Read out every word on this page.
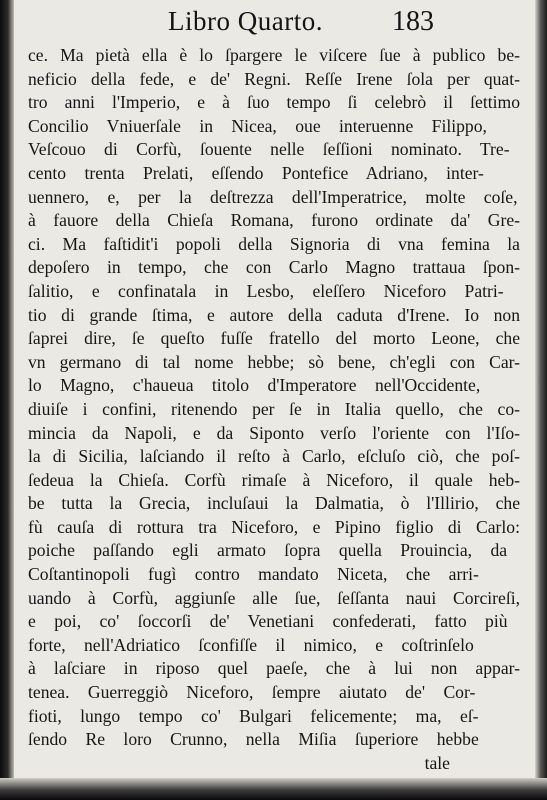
Libro Quarto. 183
ce. Ma pietà ella è lo ſpargere le viſcere ſue à publico be-
neficio della fede, e de' Regni. Reſſe Irene ſola per quat-
tro anni l'Imperio, e à ſuo tempo ſi celebrò il ſettimo
Concilio Vniuerſale in Nicea, oue interuenne Filippo,
Veſcouo di Corfù, ſouente nelle ſeſſioni nominato. Tre-
cento trenta Prelati, eſſendo Pontefice Adriano, inter-
uennero, e, per la deſtrezza dell'Imperatrice, molte coſe,
à fauore della Chieſa Romana, furono ordinate da' Gre-
ci. Ma faſtidit'i popoli della Signoria di vna femina la
depoſero in tempo, che con Carlo Magno trattaua ſpon-
ſalitio, e confinatala in Lesbo, eleſſero Niceforo Patri-
tio di grande ſtima, e autore della caduta d'Irene. Io non
ſaprei dire, ſe queſto fuſſe fratello del morto Leone, che
vn germano di tal nome hebbe; sò bene, ch'egli con Car-
lo Magno, c'haueua titolo d'Imperatore nell'Occidente,
diuiſe i confini, ritenendo per ſe in Italia quello, che co-
mincia da Napoli, e da Siponto verſo l'oriente con l'Iſo-
la di Sicilia, laſciando il reſto à Carlo, eſcluſo ciò, che poſ-
ſedeua la Chieſa. Corfù rimaſe à Niceforo, il quale heb-
be tutta la Grecia, incluſaui la Dalmatia, ò l'Illirio, che
fù cauſa di rottura tra Niceforo, e Pipino figlio di Carlo:
poiche paſſando egli armato ſopra quella Prouincia, da
Coſtantinopoli fugì contro mandato Niceta, che arri-
uando à Corfù, aggiunſe alle ſue, ſeſſanta naui Corcireſi,
e poi, co' ſoccorſi de' Venetiani confederati, fatto più
forte, nell'Adriatico ſconfiſſe il nimico, e coſtrinſelo
à laſciare in riposo quel paeſe, che à lui non appar-
tenea. Guerreggiò Niceforo, ſempre aiutato de' Cor-
fioti, lungo tempo co' Bulgari felicemente; ma, eſ-
ſendo Re loro Crunno, nella Miſia ſuperiore hebbe
tale
